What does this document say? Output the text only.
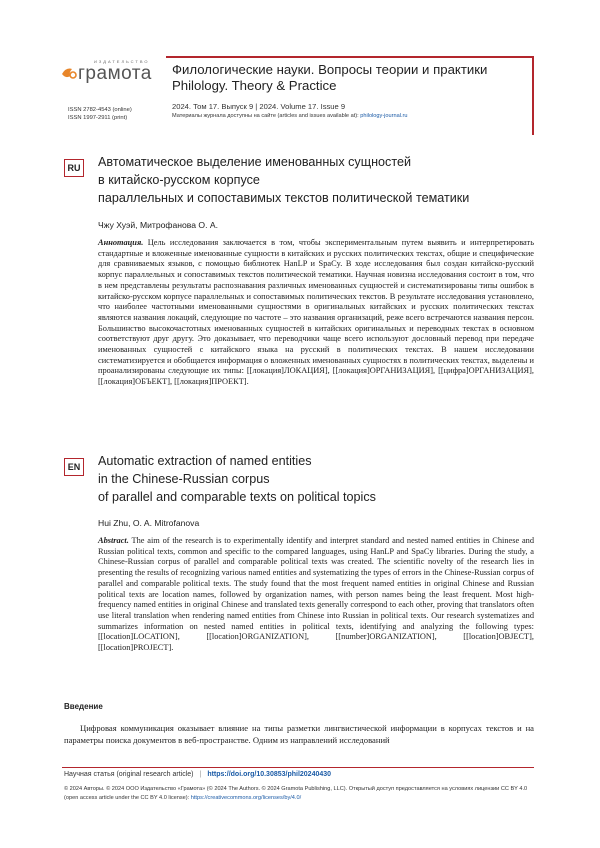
ИЗДАТЕЛЬСТВО
грамота Филологические науки. Вопросы теории и практики
Philology. Theory & Practice
2024. Том 17. Выпуск 9 | 2024. Volume 17. Issue 9
Материалы журнала доступны на сайте (articles and issues available at): philology-journal.ru
ISSN 2782-4543 (online)
ISSN 1997-2911 (print)
RU Автоматическое выделение именованных сущностей
в китайско-русском корпусе
параллельных и сопоставимых текстов политической тематики
Чжу Хуэй, Митрофанова О. А.
Аннотация. Цель исследования заключается в том, чтобы экспериментальным путем выявить и интерпретировать стандартные и вложенные именованные сущности в китайских и русских политических текстах, общие и специфические для сравниваемых языков, с помощью библиотек HanLP и SpaCy. В ходе исследования был создан китайско-русский корпус параллельных и сопоставимых текстов политической тематики. Научная новизна исследования состоит в том, что в нем представлены результаты распознавания различных именованных сущностей и систематизированы типы ошибок в китайско-русском корпусе параллельных и сопоставимых политических текстов. В результате исследования установлено, что наиболее частотными именованными сущностями в оригинальных китайских и русских политических текстах являются названия локаций, следующие по частоте – это названия организаций, реже всего встречаются названия персон. Большинство высокочастотных именованных сущностей в китайских оригинальных и переводных текстах в основном соответствуют друг другу. Это доказывает, что переводчики чаще всего используют дословный перевод при передаче именованных сущностей с китайского языка на русский в политических текстах. В нашем исследовании систематизируется и обобщается информация о вложенных именованных сущностях в политических текстах, выделены и проанализированы следующие их типы: [[локация]ЛОКАЦИЯ], [[локация]ОРГАНИЗАЦИЯ], [[цифра]ОРГАНИЗАЦИЯ], [[локация]ОБЪЕКТ], [[локация]ПРОЕКТ].
EN Automatic extraction of named entities
in the Chinese-Russian corpus
of parallel and comparable texts on political topics
Hui Zhu, O. A. Mitrofanova
Abstract. The aim of the research is to experimentally identify and interpret standard and nested named entities in Chinese and Russian political texts, common and specific to the compared languages, using HanLP and SpaCy libraries. During the study, a Chinese-Russian corpus of parallel and comparable political texts was created. The scientific novelty of the research lies in presenting the results of recognizing various named entities and systematizing the types of errors in the Chinese-Russian corpus of parallel and comparable political texts. The study found that the most frequent named entities in original Chinese and Russian political texts are location names, followed by organization names, with person names being the least frequent. Most high-frequency named entities in original Chinese and translated texts generally correspond to each other, proving that translators often use literal translation when rendering named entities from Chinese into Russian in political texts. Our research systematizes and summarizes information on nested named entities in political texts, identifying and analyzing the following types: [[location]LOCATION], [[location]ORGANIZATION], [[number]ORGANIZATION], [[location]OBJECT], [[location]PROJECT].
Введение
Цифровая коммуникация оказывает влияние на типы разметки лингвистической информации в корпусах текстов и на параметры поиска документов в веб-пространстве. Одним из направлений исследований
Научная статья (original research article) | https://doi.org/10.30853/phil20240430
© 2024 Авторы. © 2024 ООО Издательство «Грамота» (© 2024 The Authors. © 2024 Gramota Publishing, LLC). Открытый доступ предоставляется на условиях лицензии CC BY 4.0 (open access article under the CC BY 4.0 license): https://creativecommons.org/licenses/by/4.0/
